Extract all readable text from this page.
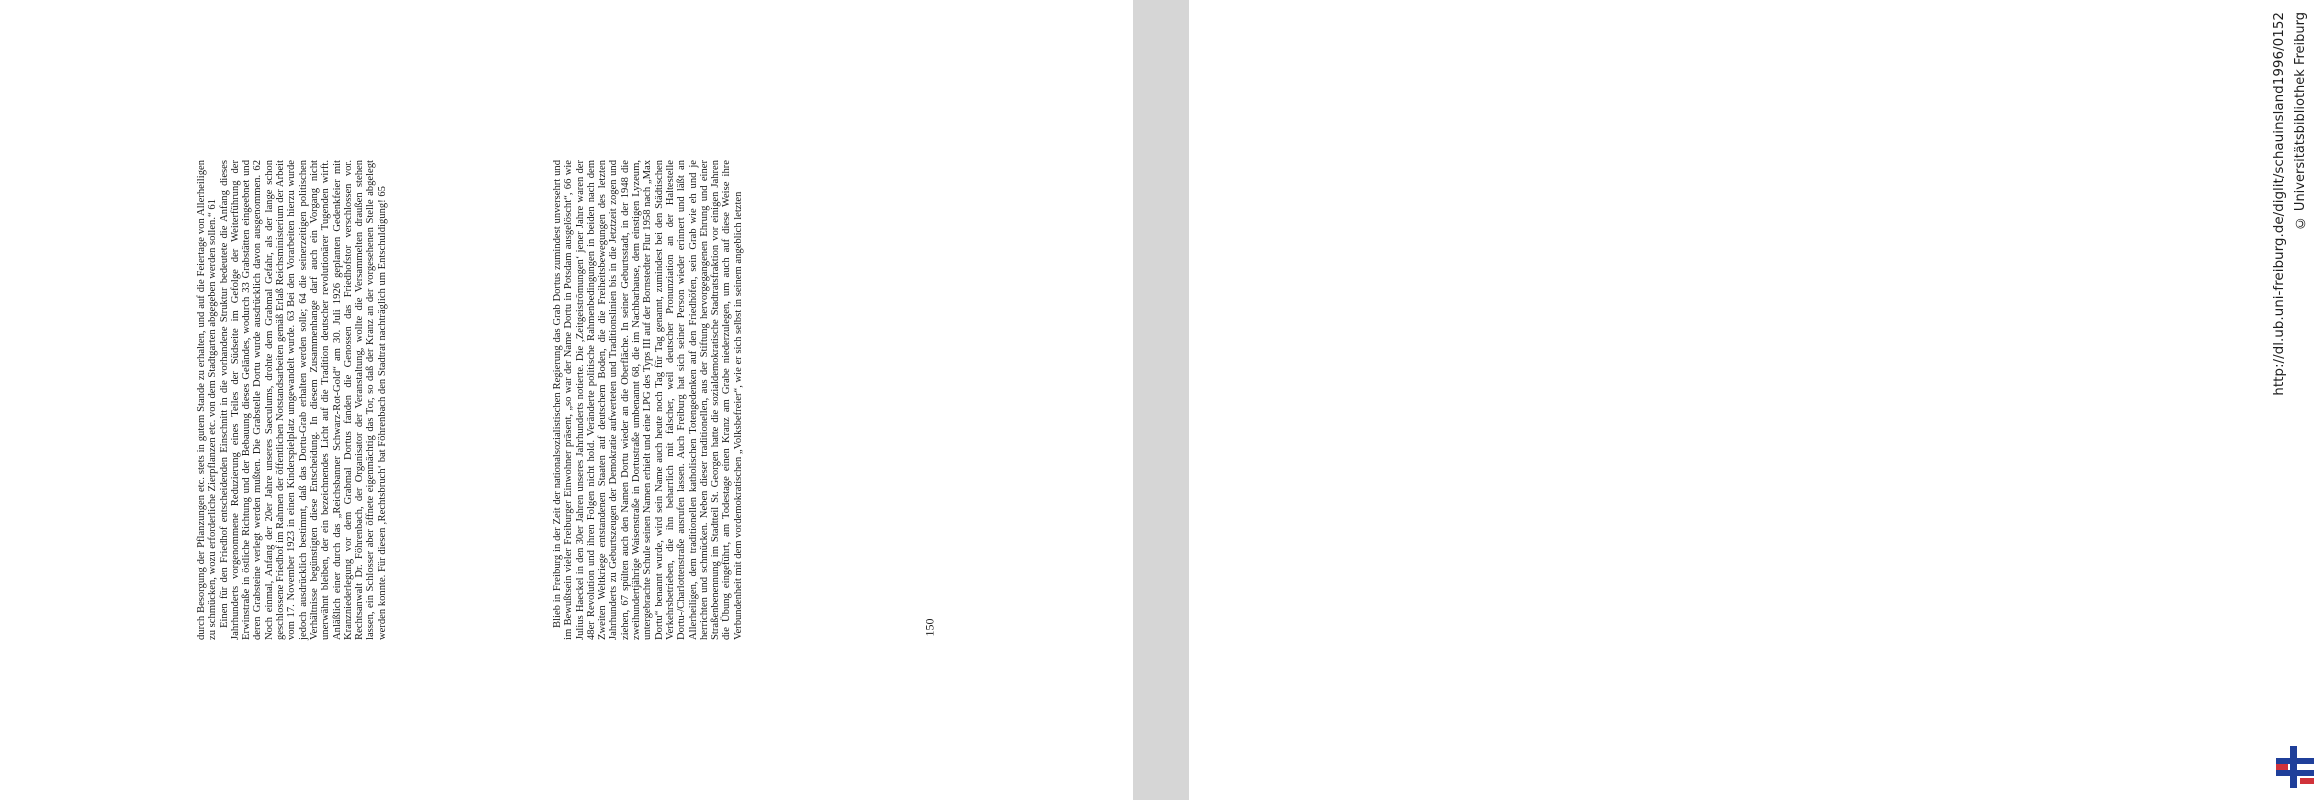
durch Besorgung der Pflanzungen etc. stets in gutem Stande zu erhalten, und auf die Feiertage von Allerheiligen zu schmücken, wozu erforderliche Zierpflanzen etc. von dem Stadtgarten abgegeben werden sollen.“ 61 Einen für den Friedhof entscheidenden Einschnitt in die vorhandene Struktur bedeutete die Anfang dieses Jahrhunderts vorgenommene Reduzierung eines Teiles der Südseite im Gefolge der Weiterführung der Erwinstraße in östliche Richtung und der Bebauung dieses Geländes, wodurch 33 Grabstätten eingeebnet und deren Grabsteine verlegt werden mußten. Die Grabstelle Dortu wurde ausdrücklich davon ausgenommen. 62 Noch einmal, Anfang der 20er Jahre unseres Saeculums, drohte dem Grabmal Gefahr, als der lange schon geschlossene Friedhof im Rahmen der öffentlichen Notstandsarbeiten gemäß Erlaß Reichsministerium der Arbeit vom 17. November 1923 in einen Kinderspielplatz umgewandelt wurde. 63 Bei den Vorarbeiten hierzu wurde jedoch ausdrücklich bestimmt, daß das Dortu-Grab erhalten werden solle; 64 die seinerzeitigen politischen Verhältnisse begünstigten diese Entscheidung. In diesem Zusammenhange darf auch ein Vorgang nicht unerwähnt bleiben, der ein bezeichnendes Licht auf die Tradition deutscher revolutionärer Tugenden wirft. Anläßlich einer durch das „Reichsbanner Schwarz-Rot-Gold“ am 30. Juli 1926 geplanten Gedenkfeier mit Kranzniederlegung vor dem Grabmal Dortus fanden die Genossen das Friedhofstor verschlossen vor. Rechtsanwalt Dr. Föhrenbach, der Organisator der Veranstaltung, wollte die Versammelten draußen stehen lassen, ein Schlosser aber öffnete eigenmächtig das Tor, so daß der Kranz an der vorgesehenen Stelle abgelegt werden konnte. Für diesen ‚Rechtsbruch‘ bat Föhrenbach den Stadtrat nachträglich um Entschuldigung! 65	Blieb in Freiburg in der Zeit der nationalsozialistischen Regierung das Grab Dortus zumindest unversehrt und im Bewußtsein vieler Freiburger Einwohner präsent, „so war der Name Dortu in Potsdam ausgelöscht“, 66 wie Julius Haeckel in den 30er Jahren unseres Jahrhunderts notierte. Die ‚Zeitgeiströmungen‘ jener Jahre waren der 48er Revolution und ihren Folgen nicht hold. Veränderte politische Rahmenbedingungen in beiden nach dem Zweiten Weltkriege entstandenen Staaten auf deutschem Boden, die die Freiheitsbewegungen des letzten Jahrhunderts zu Geburtszeugen der Demokratie aufwerteten und Traditionslinien bis in die Jetztzeit zogen und ziehen, 67 spülten auch den Namen Dortu wieder an die Oberfläche. In seiner Geburtsstadt, in der 1948 die zweihundertjährige Waisenstraße in Dortustraße umbenannt 68, die im Nachbarhause, dem einstigen Lyzeum, untergebrachte Schule seinen Namen erhielt und eine LPG des Typs III auf der Bornstedter Flur 1958 nach „Max Dortu“ benannt wurde, wird sein Name auch heute noch Tag für Tag genannt, zumindest bei den Städtischen Verkehrsbetrieben, die ihn beharrlich mit falscher, weil deutscher Pronunziation an der Haltestelle Dortu-/Charlottenstraße ausrufen lassen. Auch Freiburg hat sich seiner Person wieder erinnert und läßt an Allerheiligen, dem traditionellen katholischen Totengedenken auf den Friedhöfen, sein Grab wie eh und je herrichten und schmücken. Neben dieser traditionellen, aus der Stiftung hervorgegangenen Ehrung und einer Straßenbenennung im Stadtteil St. Georgen hatte die sozialdemokratische Stadtratsfraktion vor einigen Jahren die Übung eingeführt, am Todestage einen Kranz am Grabe niederzulegen, um auch auf diese Weise ihre Verbundenheit mit dem vordemokratischen „Volksbefreier“, wie er sich selbst in seinem angeblich letzten	150
http://dl.ub.uni-freiburg.de/diglit/schauinsland1996/0152 © Universitätsbibliothek Freiburg
